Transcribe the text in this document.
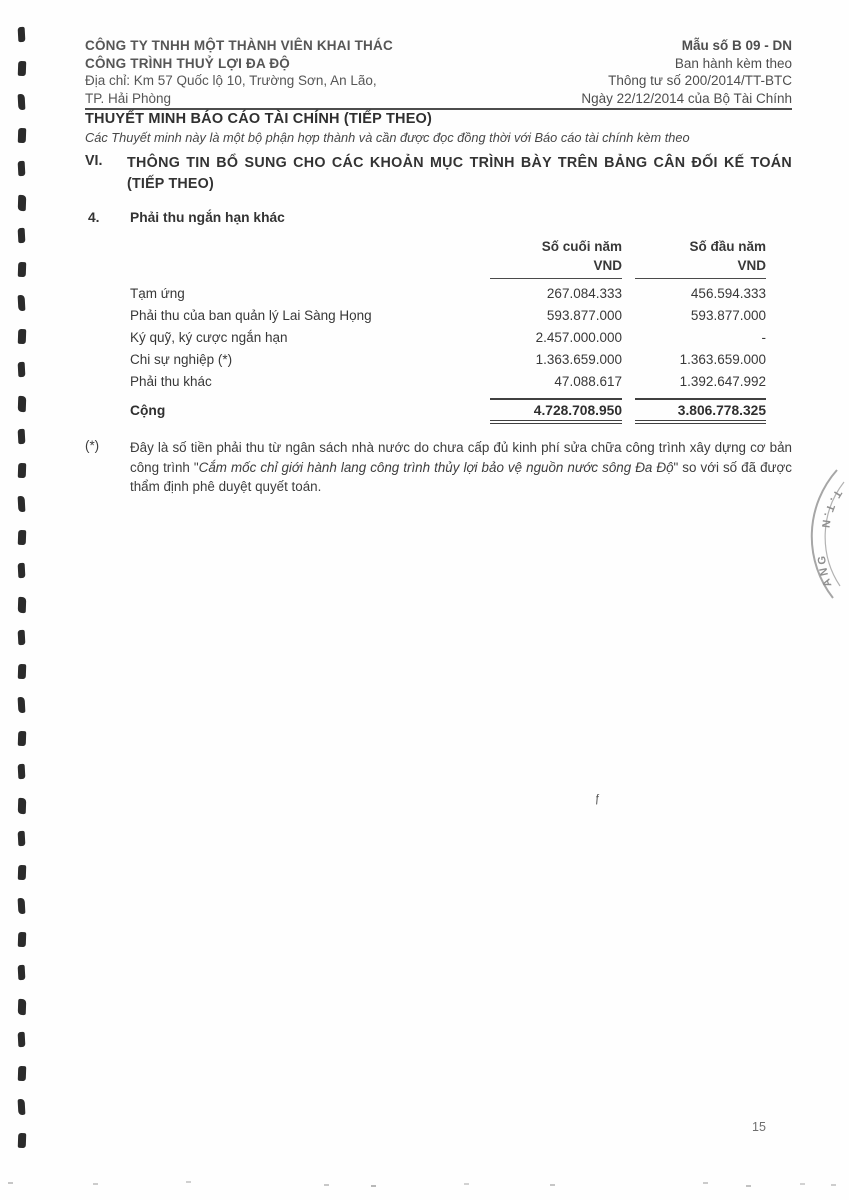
CÔNG TY TNHH MỘT THÀNH VIÊN KHAI THÁC
CÔNG TRÌNH THUỶ LỢI ĐA ĐỘ
Địa chỉ: Km 57 Quốc lộ 10, Trường Sơn, An Lão,
TP. Hải Phòng
Mẫu số B 09 - DN
Ban hành kèm theo
Thông tư số 200/2014/TT-BTC
Ngày 22/12/2014 của Bộ Tài Chính
THUYẾT MINH BÁO CÁO TÀI CHÍNH (TIẾP THEO)
Các Thuyết minh này là một bộ phận hợp thành và cần được đọc đồng thời với Báo cáo tài chính kèm theo
VI.	THÔNG TIN BỔ SUNG CHO CÁC KHOẢN MỤC TRÌNH BÀY TRÊN BẢNG CÂN ĐỐI KẾ TOÁN
(TIẾP THEO)
4.	Phải thu ngắn hạn khác
Số cuối năm
VND
Số đầu năm
VND
Tạm ứng	267.084.333	456.594.333
Phải thu của ban quản lý Lai Sàng Họng	593.877.000	593.877.000
Ký quỹ, ký cược ngắn hạn	2.457.000.000	-
Chi sự nghiệp (*)	1.363.659.000	1.363.659.000
Phải thu khác	47.088.617	1.392.647.992
Cộng	4.728.708.950	3.806.778.325
(*)	Đây là số tiền phải thu từ ngân sách nhà nước do chưa cấp đủ kinh phí sửa chữa công trình xây dựng cơ bản công trình "Cắm mốc chỉ giới hành lang công trình thủy lợi bảo vệ nguồn nước sông Đa Độ" so với số đã được thẩm định phê duyệt quyết toán.
T.T.N
ANG
ƒ
15
